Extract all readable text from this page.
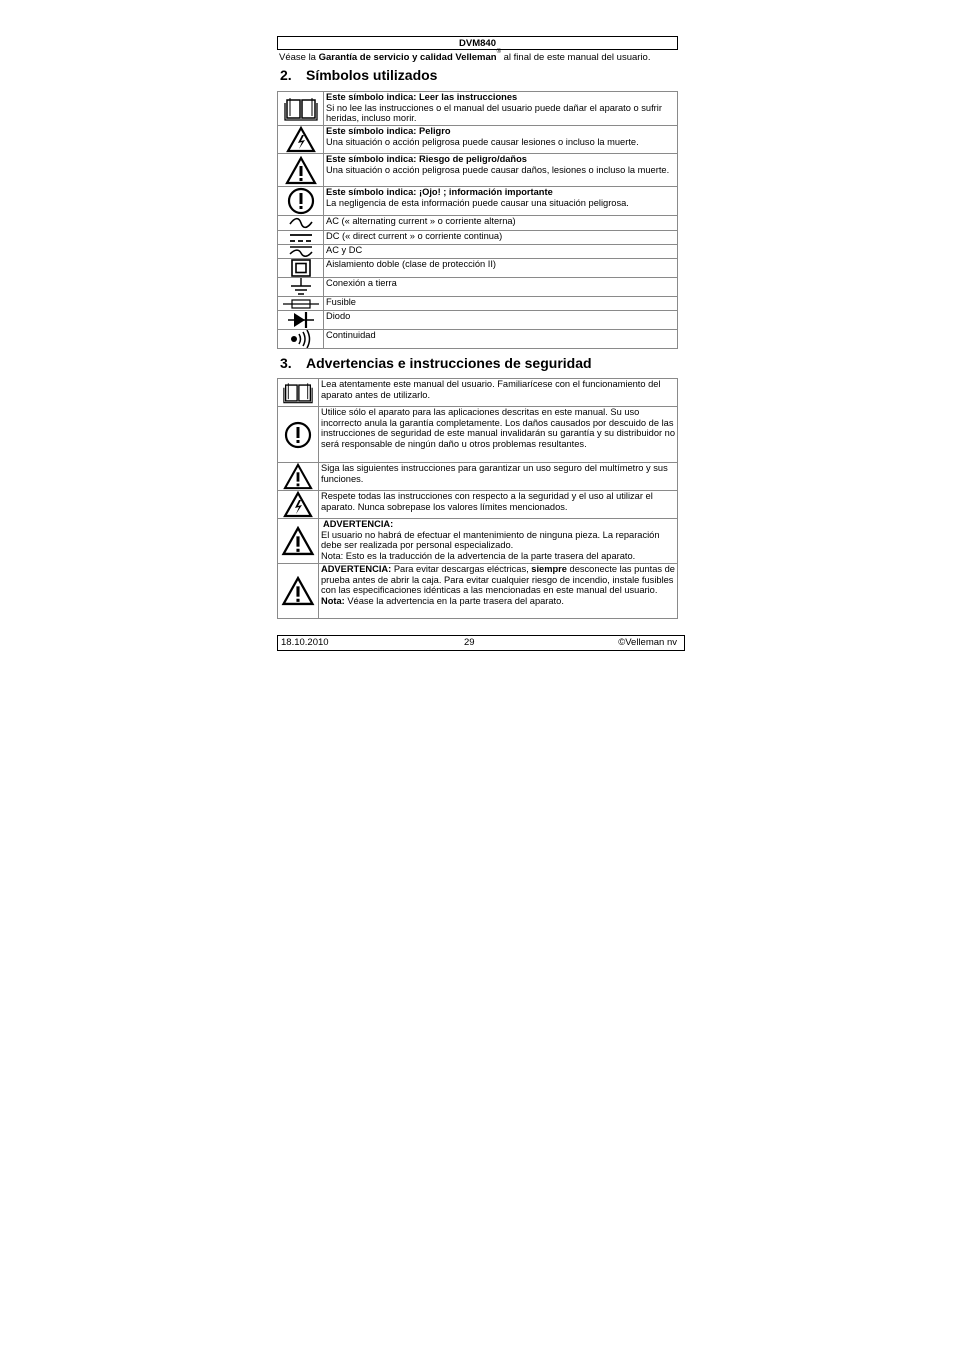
DVM840
Véase la Garantía de servicio y calidad Velleman® al final de este manual del usuario.
2. Símbolos utilizados

Este símbolo indica: Leer las instrucciones
Si no lee las instrucciones o el manual del usuario puede dañar el aparato o sufrir heridas, incluso morir.

Este símbolo indica: Peligro
Una situación o acción peligrosa puede causar lesiones o incluso la muerte.

Este símbolo indica: Riesgo de peligro/daños
Una situación o acción peligrosa puede causar daños, lesiones o incluso la muerte.

Este símbolo indica: ¡Ojo! ; información importante
La negligencia de esta información puede causar una situación peligrosa.

AC (« alternating current » o corriente alterna)

DC (« direct current » o corriente continua)

AC y DC

Aislamiento doble (clase de protección II)

Conexión a tierra

Fusible

Diodo

Continuidad
3. Advertencias e instrucciones de seguridad

Lea atentamente este manual del usuario. Familiarícese con el funcionamiento del aparato antes de utilizarlo.

Utilice sólo el aparato para las aplicaciones descritas en este manual. Su uso incorrecto anula la garantía completamente. Los daños causados por descuido de las instrucciones de seguridad de este manual invalidarán su garantía y su distribuidor no será responsable de ningún daño u otros problemas resultantes.

Siga las siguientes instrucciones para garantizar un uso seguro del multímetro y sus funciones.

Respete todas las instrucciones con respecto a la seguridad y el uso al utilizar el aparato. Nunca sobrepase los valores límites mencionados.

ADVERTENCIA:
El usuario no habrá de efectuar el mantenimiento de ninguna pieza. La reparación debe ser realizada por personal especializado.
Nota: Esto es la traducción de la advertencia de la parte trasera del aparato.

ADVERTENCIA: Para evitar descargas eléctricas, siempre desconecte las puntas de prueba antes de abrir la caja. Para evitar cualquier riesgo de incendio, instale fusibles con las especificaciones idénticas a las mencionadas en este manual del usuario.
Nota: Véase la advertencia en la parte trasera del aparato.
18.10.2010	29	©Velleman nv
